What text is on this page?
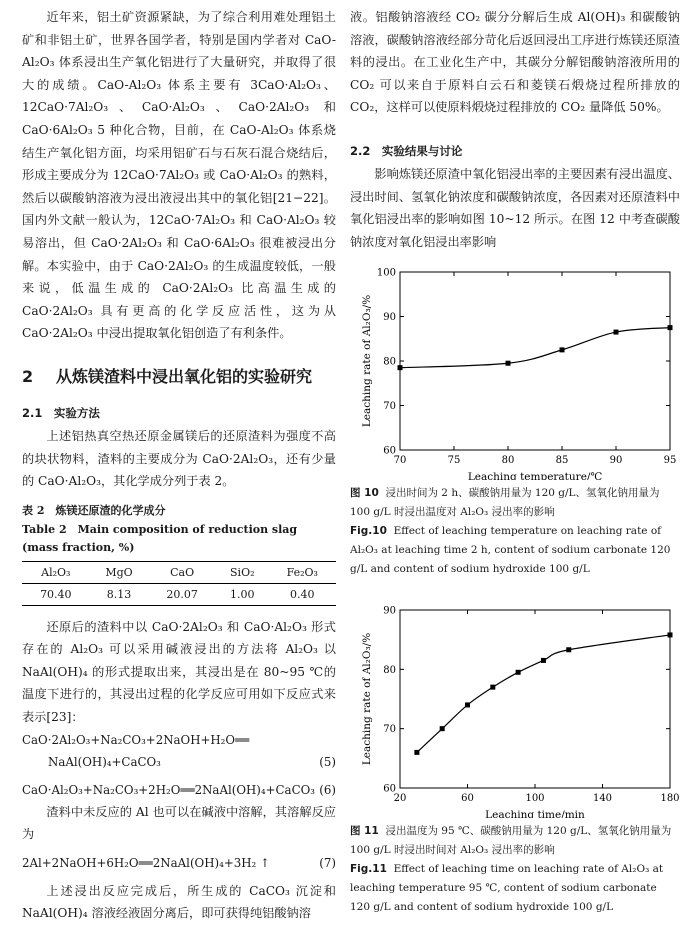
近年来，铝土矿资源紧缺，为了综合利用难处理铝土矿和非铝土矿，世界各国学者，特别是国内学者对 CaO-Al₂O₃ 体系浸出生产氧化铝进行了大量研究，并取得了很大的成绩。CaO-Al₂O₃ 体系主要有 3CaO·Al₂O₃、12CaO·7Al₂O₃、CaO·Al₂O₃、CaO·2Al₂O₃ 和 CaO·6Al₂O₃ 5 种化合物，目前，在 CaO-Al₂O₃ 体系烧结生产氧化铝方面，均采用铝矿石与石灰石混合烧结后，形成主要成分为 12CaO·7Al₂O₃ 或 CaO·Al₂O₃ 的熟料，然后以碳酸钠溶液为浸出液浸出其中的氧化铝[21−22]。国内外文献一般认为，12CaO·7Al₂O₃ 和 CaO·Al₂O₃ 较易溶出，但 CaO·2Al₂O₃ 和 CaO·6Al₂O₃ 很难被浸出分解。本实验中，由于 CaO·2Al₂O₃ 的生成温度较低，一般来说，低温生成的 CaO·2Al₂O₃ 比高温生成的 CaO·2Al₂O₃ 具有更高的化学反应活性，这为从 CaO·2Al₂O₃ 中浸出提取氧化铝创造了有利条件。

2	从炼镁渣料中浸出氧化铝的实验研究
2.1　实验方法

上述铝热真空热还原金属镁后的还原渣料为强度不高的块状物料，渣料的主要成分为 CaO·2Al₂O₃，还有少量的 CaO·Al₂O₃，其化学成分列于表 2。

表 2　炼镁还原渣的化学成分
Table 2　Main composition of reduction slag (mass fraction, %)
Al₂O₃	MgO	CaO	SiO₂	Fe₂O₃
70.40	8.13	20.07	1.00	0.40

还原后的渣料中以 CaO·2Al₂O₃ 和 CaO·Al₂O₃ 形式存在的 Al₂O₃ 可以采用碱液浸出的方法将 Al₂O₃ 以 NaAl(OH)₄ 的形式提取出来，其浸出是在 80~95 ℃的温度下进行的，其浸出过程的化学反应可用如下反应式来表示[23]：

CaO·2Al₂O₃+Na₂CO₃+2NaOH+H₂O══
NaAl(OH)₄+CaCO₃	(5)
CaO·Al₂O₃+Na₂CO₃+2H₂O══2NaAl(OH)₄+CaCO₃ (6)

渣料中未反应的 Al 也可以在碱液中溶解，其溶解反应为

2Al+2NaOH+6H₂O══2NaAl(OH)₄+3H₂ ↑	(7)

上述浸出反应完成后，所生成的 CaCO₃ 沉淀和 NaAl(OH)₄ 溶液经液固分离后，即可获得纯铝酸钠溶

液。铝酸钠溶液经 CO₂ 碳分分解后生成 Al(OH)₃ 和碳酸钠溶液，碳酸钠溶液经部分苛化后返回浸出工序进行炼镁还原渣料的浸出。在工业化生产中，其碳分分解铝酸钠溶液所用的 CO₂ 可以来自于原料白云石和菱镁石煅烧过程所排放的 CO₂，这样可以使原料煅烧过程排放的 CO₂ 量降低 50%。

2.2　实验结果与讨论

影响炼镁还原渣中氧化铝浸出率的主要因素有浸出温度、浸出时间、氢氧化钠浓度和碳酸钠浓度，各因素对还原渣料中氧化铝浸出率的影响如图 10~12 所示。在图 12 中考查碳酸钠浓度对氧化铝浸出率影响

70	75	80	85	90	95
60
70
80
90
100
Leaching temperature/℃
Leaching rate of Al₂O₃/%
图 10 浸出时间为 2 h、碳酸钠用量为 120 g/L、氢氧化钠用量为 100 g/L 时浸出温度对 Al₂O₃ 浸出率的影响
Fig.10 Effect of leaching temperature on leaching rate of Al₂O₃ at leaching time 2 h, content of sodium carbonate 120 g/L and content of sodium hydroxide 100 g/L
20	60	100	140	180
60
70
80
90
Leaching time/min
Leaching rate of Al₂O₃/%
图 11 浸出温度为 95 ℃、碳酸钠用量为 120 g/L、氢氧化钠用量为 100 g/L 时浸出时间对 Al₂O₃ 浸出率的影响
Fig.11 Effect of leaching time on leaching rate of Al₂O₃ at leaching temperature 95 ℃, content of sodium carbonate 120 g/L and content of sodium hydroxide 100 g/L
